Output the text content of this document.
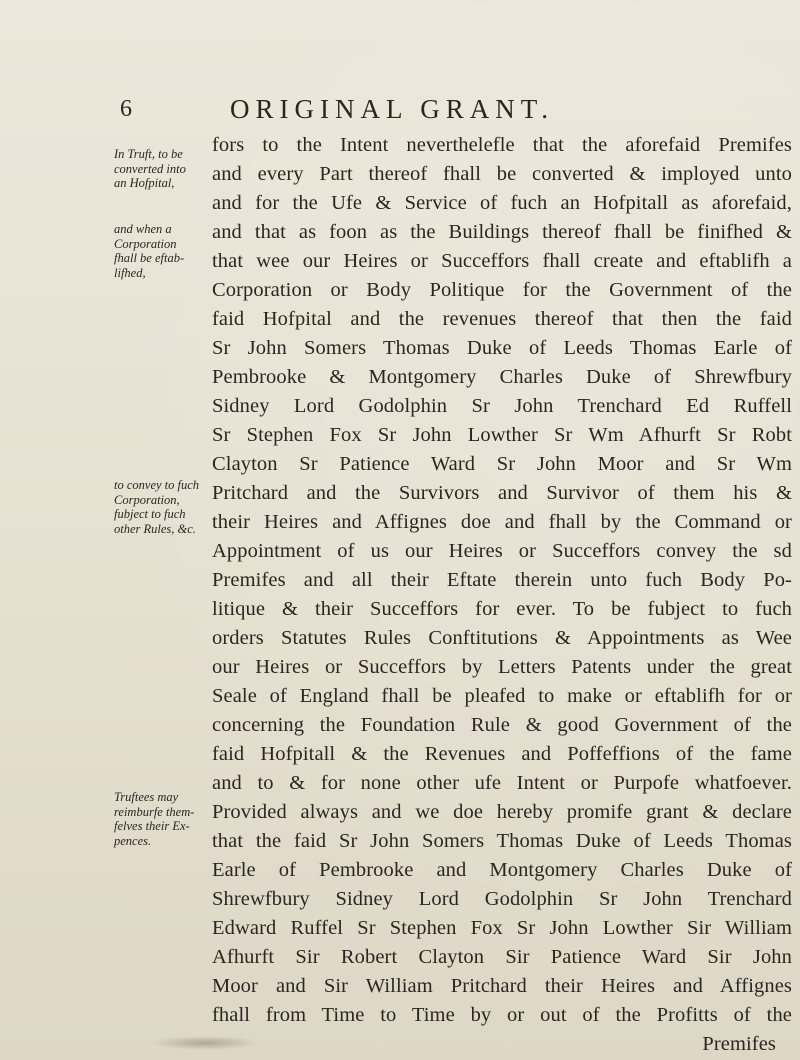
6	ORIGINAL GRANT.
In Truft, to be
converted into
an Hofpital,
and when a
Corporation
fhall be eftab-
lifhed,
to convey to fuch
Corporation,
fubject to fuch
other Rules, &c.
Truftees may
reimburfe them-
felves their Ex-
pences.
fors to the Intent neverthelefle that the aforefaid Premifes
and every Part thereof fhall be converted & imployed unto
and for the Ufe & Service of fuch an Hofpitall as aforefaid,
and that as foon as the Buildings thereof fhall be finifhed &
that wee our Heires or Succeffors fhall create and eftablifh a
Corporation or Body Politique for the Government of the
faid Hofpital and the revenues thereof that then the faid
Sr John Somers Thomas Duke of Leeds Thomas Earle of
Pembrooke & Montgomery Charles Duke of Shrewfbury
Sidney Lord Godolphin Sr John Trenchard Ed Ruffell
Sr Stephen Fox Sr John Lowther Sr Wm Afhurft Sr Robt
Clayton Sr Patience Ward Sr John Moor and Sr Wm
Pritchard and the Survivors and Survivor of them his &
their Heires and Affignes doe and fhall by the Command or
Appointment of us our Heires or Succeffors convey the sd
Premifes and all their Eftate therein unto fuch Body Po-
litique & their Succeffors for ever. To be fubject to fuch
orders Statutes Rules Conftitutions & Appointments as Wee
our Heires or Succeffors by Letters Patents under the great
Seale of England fhall be pleafed to make or eftablifh for or
concerning the Foundation Rule & good Government of the
faid Hofpitall & the Revenues and Poffeffions of the fame
and to & for none other ufe Intent or Purpofe whatfoever.
Provided always and we doe hereby promife grant & declare
that the faid Sr John Somers Thomas Duke of Leeds Thomas
Earle of Pembrooke and Montgomery Charles Duke of
Shrewfbury Sidney Lord Godolphin Sr John Trenchard
Edward Ruffel Sr Stephen Fox Sr John Lowther Sir William
Afhurft Sir Robert Clayton Sir Patience Ward Sir John
Moor and Sir William Pritchard their Heires and Affignes
fhall from Time to Time by or out of the Profitts of the
Premifes
